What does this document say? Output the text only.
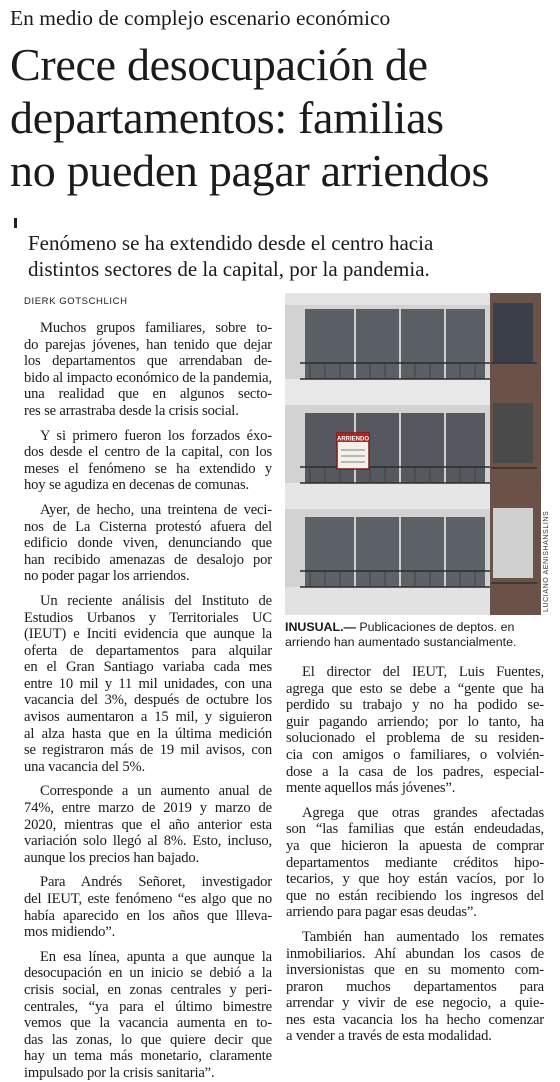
En medio de complejo escenario económico
Crece desocupación de
departamentos: familias
no pueden pagar arriendos
Fenómeno se ha extendido desde el centro hacia
distintos sectores de la capital, por la pandemia.
DIERK GOTSCHLICH
Muchos grupos familiares, sobre to-
do parejas jóvenes, han tenido que dejar
los departamentos que arrendaban de-
bido al impacto económico de la pandemia,
una realidad que en algunos secto-
res se arrastraba desde la crisis social.
Y si primero fueron los forzados éxo-
dos desde el centro de la capital, con los
meses el fenómeno se ha extendido y
hoy se agudiza en decenas de comunas.
Ayer, de hecho, una treintena de veci-
nos de La Cisterna protestó afuera del
edificio donde viven, denunciando que
han recibido amenazas de desalojo por
no poder pagar los arriendos.
Un reciente análisis del Instituto de
Estudios Urbanos y Territoriales UC
(IEUT) e Inciti evidencia que aunque la
oferta de departamentos para alquilar
en el Gran Santiago variaba cada mes
entre 10 mil y 11 mil unidades, con una
vacancia del 3%, después de octubre los
avisos aumentaron a 15 mil, y siguieron
al alza hasta que en la última medición
se registraron más de 19 mil avisos, con
una vacancia del 5%.
Corresponde a un aumento anual de
74%, entre marzo de 2019 y marzo de
2020, mientras que el año anterior esta
variación solo llegó al 8%. Esto, incluso,
aunque los precios han bajado.
Para Andrés Señoret, investigador
del IEUT, este fenómeno “es algo que no
había aparecido en los años que llleva-
mos midiendo”.
En esa línea, apunta a que aunque la
desocupación en un inicio se debió a la
crisis social, en zonas centrales y peri-
centrales, “ya para el último bimestre
vemos que la vacancia aumenta en to-
das las zonas, lo que quiere decir que
hay un tema más monetario, claramente
impulsado por la crisis sanitaria”.
ARRIENDO
LUCIANO AENISHANSLINS
INUSUAL.— Publicaciones de deptos. en
arriendo han aumentado sustancialmente.
El director del IEUT, Luis Fuentes,
agrega que esto se debe a “gente que ha
perdido su trabajo y no ha podido se-
guir pagando arriendo; por lo tanto, ha
solucionado el problema de su residen-
cia con amigos o familiares, o volvién-
dose a la casa de los padres, especial-
mente aquellos más jóvenes”.
Agrega que otras grandes afectadas
son “las familias que están endeudadas,
ya que hicieron la apuesta de comprar
departamentos mediante créditos hipo-
tecarios, y que hoy están vacíos, por lo
que no están recibiendo los ingresos del
arriendo para pagar esas deudas”.
También han aumentado los remates
inmobiliarios. Ahí abundan los casos de
inversionistas que en su momento com-
praron muchos departamentos para
arrendar y vivir de ese negocio, a quie-
nes esta vacancia los ha hecho comenzar
a vender a través de esta modalidad.
